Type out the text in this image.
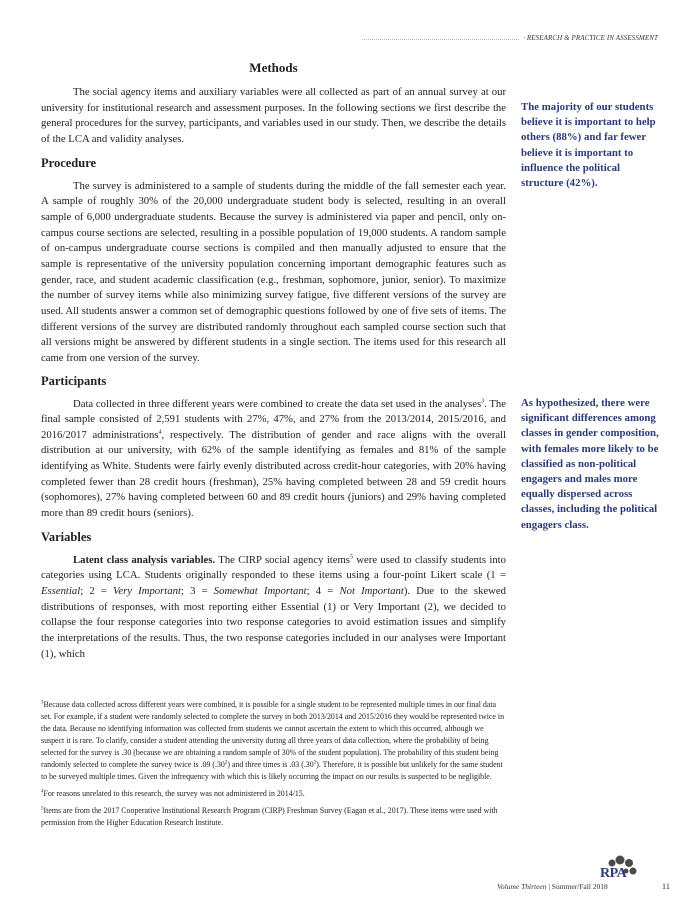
· RESEARCH & PRACTICE IN ASSESSMENT
Methods

The social agency items and auxiliary variables were all collected as part of an annual survey at our university for institutional research and assessment purposes. In the following sections we first describe the general procedures for the survey, participants, and variables used in our study. Then, we describe the details of the LCA and validity analyses.

Procedure

The survey is administered to a sample of students during the middle of the fall semester each year. A sample of roughly 30% of the 20,000 undergraduate student body is selected, resulting in an overall sample of 6,000 undergraduate students. Because the survey is administered via paper and pencil, only on-campus course sections are selected, resulting in a possible population of 19,000 students. A random sample of on-campus undergraduate course sections is compiled and then manually adjusted to ensure that the sample is representative of the university population concerning important demographic features such as gender, race, and student academic classification (e.g., freshman, sophomore, junior, senior). To maximize the number of survey items while also minimizing survey fatigue, five different versions of the survey are used. All students answer a common set of demographic questions followed by one of five sets of items. The different versions of the survey are distributed randomly throughout each sampled course section such that all versions might be answered by different students in a single section. The items used for this research all came from one version of the survey.

Participants

Data collected in three different years were combined to create the data set used in the analyses$^3$. The final sample consisted of 2,591 students with 27%, 47%, and 27% from the 2013/2014, 2015/2016, and 2016/2017 administrations$^4$, respectively. The distribution of gender and race aligns with the overall distribution at our university, with 62% of the sample identifying as females and 81% of the sample identifying as White. Students were fairly evenly distributed across credit-hour categories, with 20% having completed fewer than 28 credit hours (freshman), 25% having completed between 28 and 59 credit hours (sophomores), 27% having completed between 60 and 89 credit hours (juniors) and 29% having completed more than 89 credit hours (seniors).

Variables

Latent class analysis variables. The CIRP social agency items$^5$ were used to classify students into categories using LCA. Students originally responded to these items using a four-point Likert scale (1 = Essential; 2 = Very Important; 3 = Somewhat Important; 4 = Not Important). Due to the skewed distributions of responses, with most reporting either Essential (1) or Very Important (2), we decided to collapse the four response categories into two response categories to avoid estimation issues and simplify the interpretations of the results. Thus, the two response categories included in our analyses were Important (1), which

The majority of our students believe it is important to help others (88%) and far fewer believe it is important to influence the political structure (42%).
As hypothesized, there were significant differences among classes in gender composition, with females more likely to be classified as non-political engagers and males more equally dispersed across classes, including the political engagers class.

$^3$Because data collected across different years were combined, it is possible for a single student to be represented multiple times in our final data set. For example, if a student were randomly selected to complete the survey in both 2013/2014 and 2015/2016 they would be represented twice in the data. Because no identifying information was collected from students we cannot ascertain the extent to which this occurred, although we suspect it is rare. To clarify, consider a student attending the university during all three years of data collection, where the probability of being selected for the survey is .30 (because we are obtaining a random sample of 30% of the student population). The probability of this student being randomly selected to complete the survey twice is .09 $(.30^2)$ and three times is .03 $(.30^3)$. Therefore, it is possible but unlikely for the same student to be surveyed multiple times. Given the infrequency with which this is likely occurring the impact on our results is suspected to be negligible.

$^4$For reasons unrelated to this research, the survey was not administered in 2014/15.

$^5$Items are from the 2017 Cooperative Institutional Research Program (CIRP) Freshman Survey (Eagan et al., 2017). These items were used with permission from the Higher Education Research Institute.

RPA
Volume Thirteen | Summer/Fall 2018	11
